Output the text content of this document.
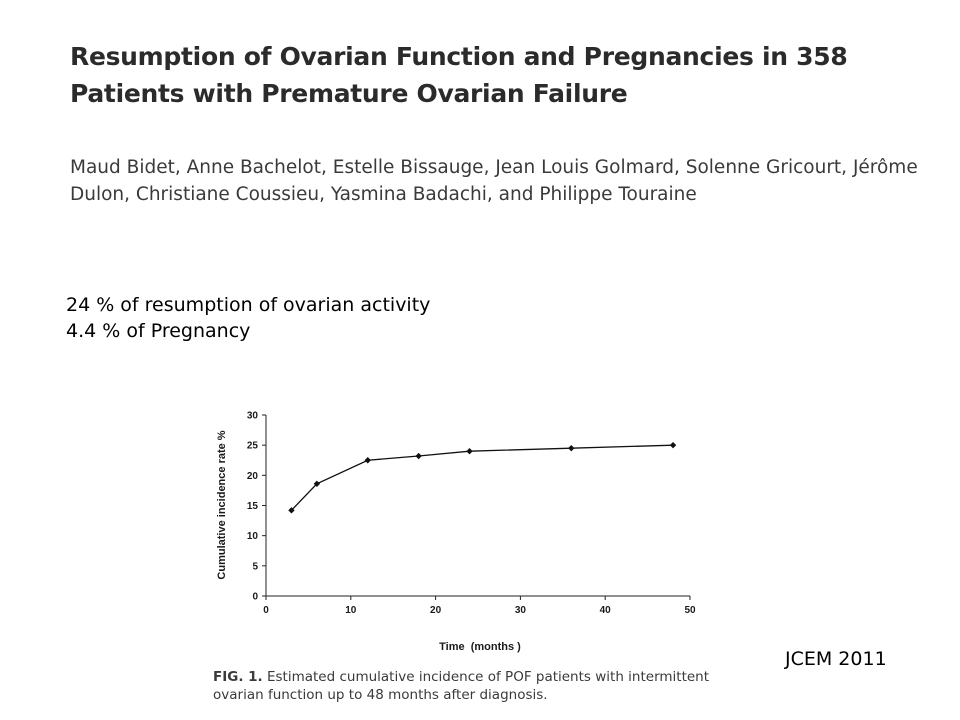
Resumption of Ovarian Function and Pregnancies in 358 Patients with Premature Ovarian Failure

Maud Bidet, Anne Bachelot, Estelle Bissauge, Jean Louis Golmard, Solenne Gricourt, Jérôme Dulon, Christiane Coussieu, Yasmina Badachi, and Philippe Touraine

24 % of resumption of ovarian activity
4.4 % of Pregnancy
0
5
10
15
20
25
30
0	10	20	30	40	50
Cumulative incidence rate %
Time  (months )
FIG. 1. Estimated cumulative incidence of POF patients with intermittent ovarian function up to 48 months after diagnosis.
JCEM 2011
